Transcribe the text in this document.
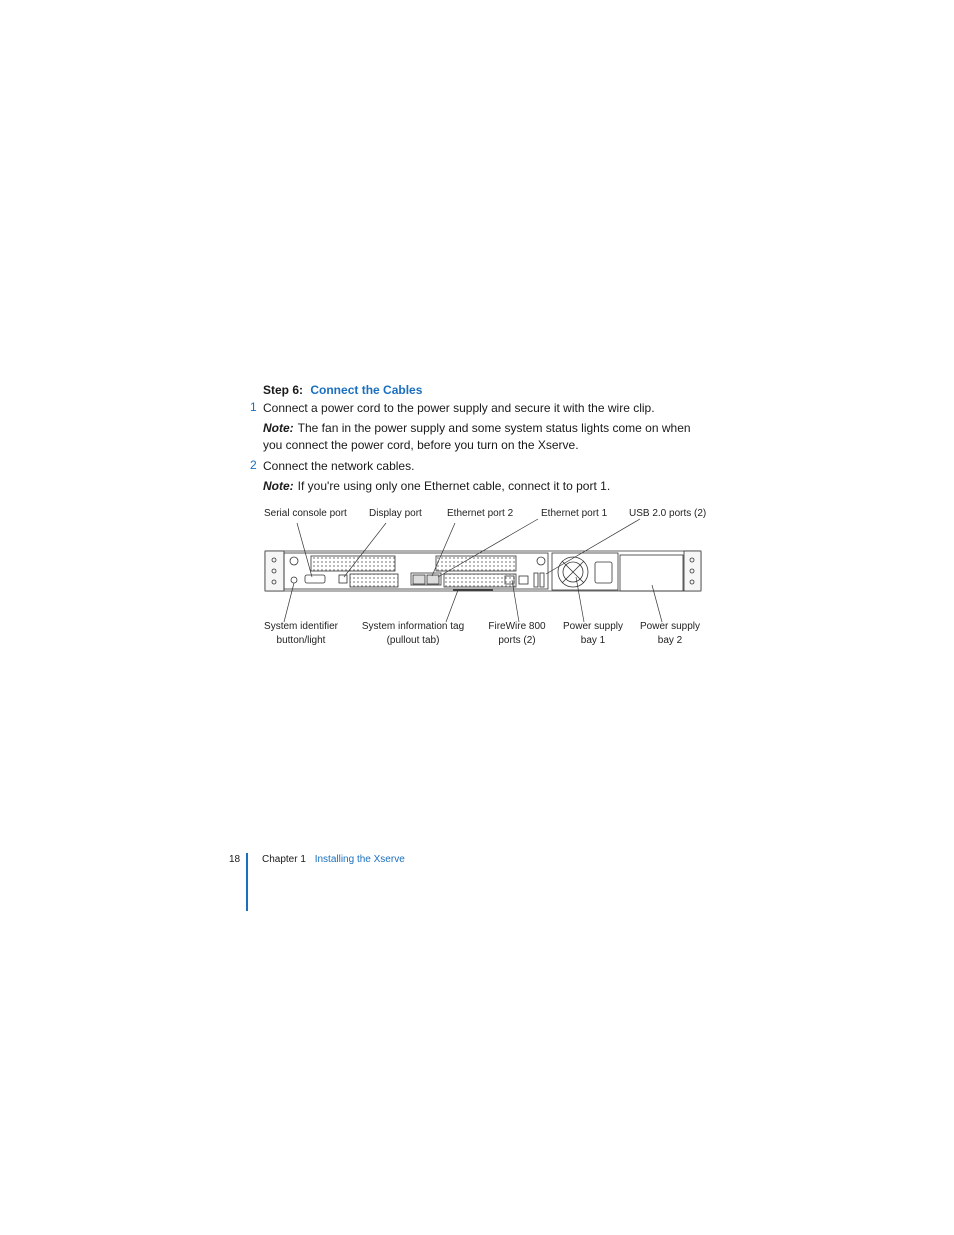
Step 6: Connect the Cables
1 Connect a power cord to the power supply and secure it with the wire clip.
Note: The fan in the power supply and some system status lights come on when you connect the power cord, before you turn on the Xserve.
2 Connect the network cables.
Note: If you're using only one Ethernet cable, connect it to port 1.
Serial console port Display port	Ethernet port 2	Ethernet port 1 USB 2.0 ports (2)
System identifier
button/light
System information tag
(pullout tab)
FireWire 800
ports (2)
Power supply
bay 1
Power supply
bay 2
18 Chapter 1 Installing the Xserve
